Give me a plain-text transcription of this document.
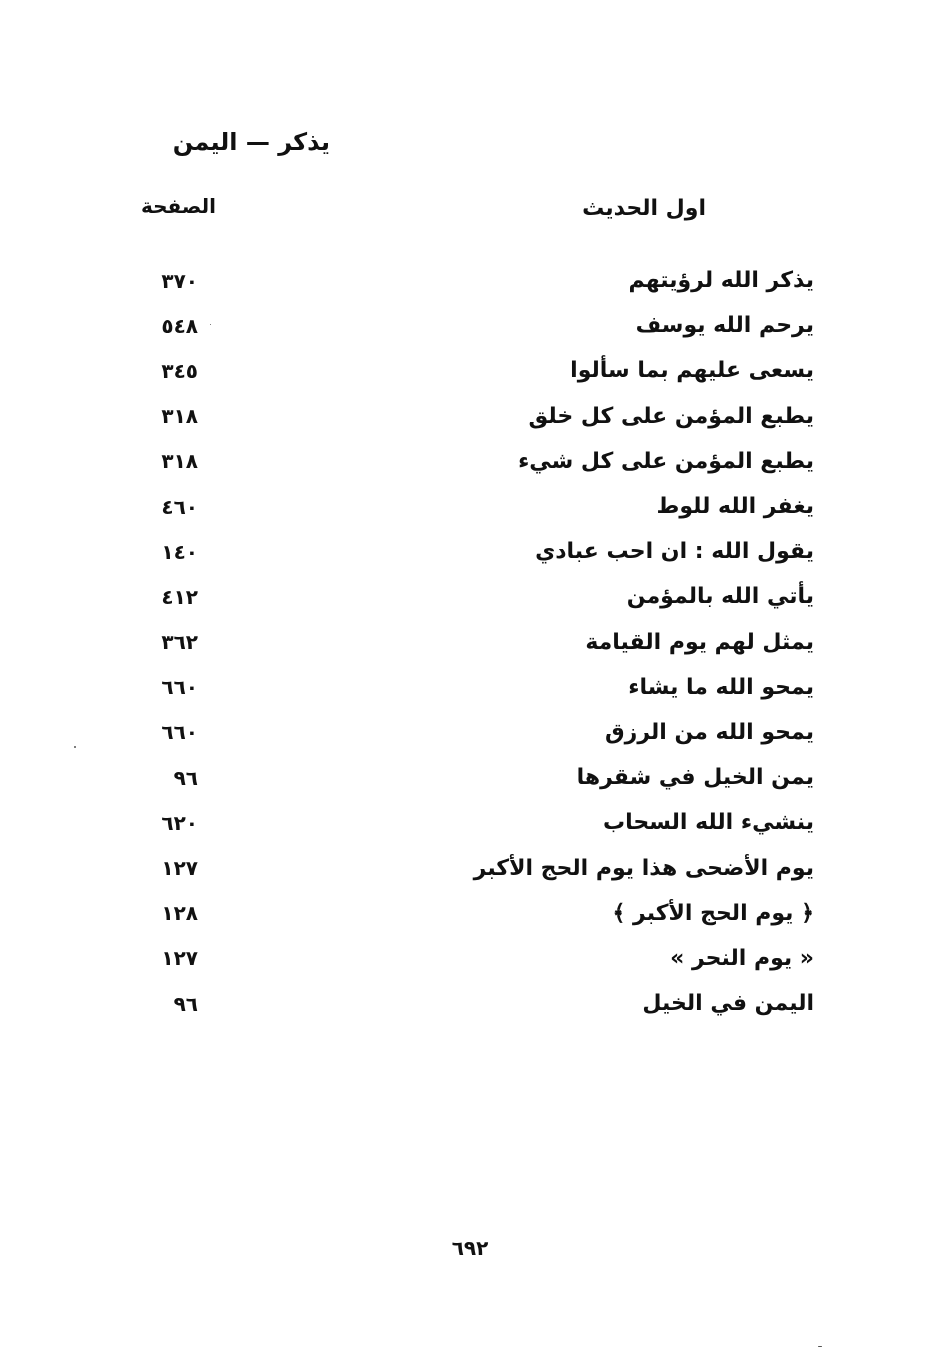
يذكر — اليمن
اول الحديث
الصفحة
٣٧٠	يذكر الله لرؤيتهم
٥٤٨	يرحم الله يوسف
٣٤٥	يسعى عليهم بما سألوا
٣١٨	يطبع المؤمن على كل خلق
٣١٨	يطبع المؤمن على كل شيء
٤٦٠	يغفر الله للوط
١٤٠	يقول الله : ان احب عبادي
٤١٢	يأتي الله بالمؤمن
٣٦٢	يمثل لهم يوم القيامة
٦٦٠	يمحو الله ما يشاء
٦٦٠	يمحو الله من الرزق
٩٦	يمن الخيل في شقرها
٦٢٠	ينشيء الله السحاب
١٢٧	يوم الأضحى هذا يوم الحج الأكبر
١٢٨	﴿ يوم الحج الأكبر ﴾
١٢٧	« يوم النحر »
٩٦	اليمن في الخيل
٦٩٢
